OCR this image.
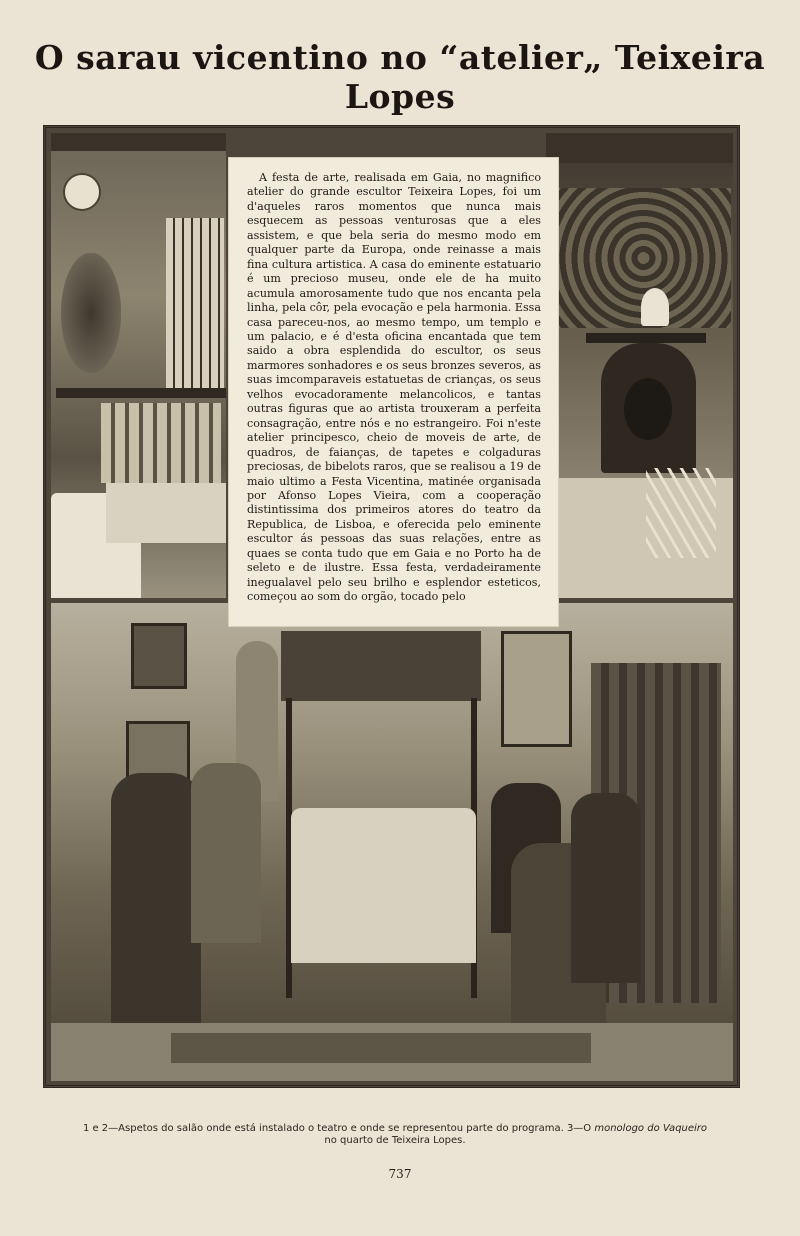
O sarau vicentino no “atelier„ Teixeira Lopes

A festa de arte, realisada em Gaia, no magnifico atelier do grande escultor Teixeira Lopes, foi um d'aqueles raros momentos que nunca mais esquecem as pessoas venturosas que a eles assistem, e que bela seria do mesmo modo em qualquer parte da Europa, onde reinasse a mais fina cultura artistica. A casa do eminente estatuario é um precioso museu, onde ele de ha muito acumula amorosamente tudo que nos encanta pela linha, pela côr, pela evocação e pela harmonia. Essa casa pareceu-nos, ao mesmo tempo, um templo e um palacio, e é d'esta oficina encantada que tem saido a obra esplendida do escultor, os seus marmores sonhadores e os seus bronzes severos, as suas imcomparaveis estatuetas de crianças, os seus velhos evocadoramente melancolicos, e tantas outras figuras que ao artista trouxeram a perfeita consagração, entre nós e no estrangeiro. Foi n'este atelier principesco, cheio de moveis de arte, de quadros, de faianças, de tapetes e colgaduras preciosas, de bibelots raros, que se realisou a 19 de maio ultimo a Festa Vicentina, matinée organisada por Afonso Lopes Vieira, com a cooperação distintissima dos primeiros atores do teatro da Republica, de Lisboa, e oferecida pelo eminente escultor ás pessoas das suas relações, entre as quaes se conta tudo que em Gaia e no Porto ha de seleto e de ilustre. Essa festa, verdadeiramente inegualavel pelo seu brilho e esplendor esteticos, começou ao som do orgão, tocado pelo

1 e 2—Aspetos do salão onde está instalado o teatro e onde se representou parte do programa. 3—O monologo do Vaqueiro
no quarto de Teixeira Lopes.

737
